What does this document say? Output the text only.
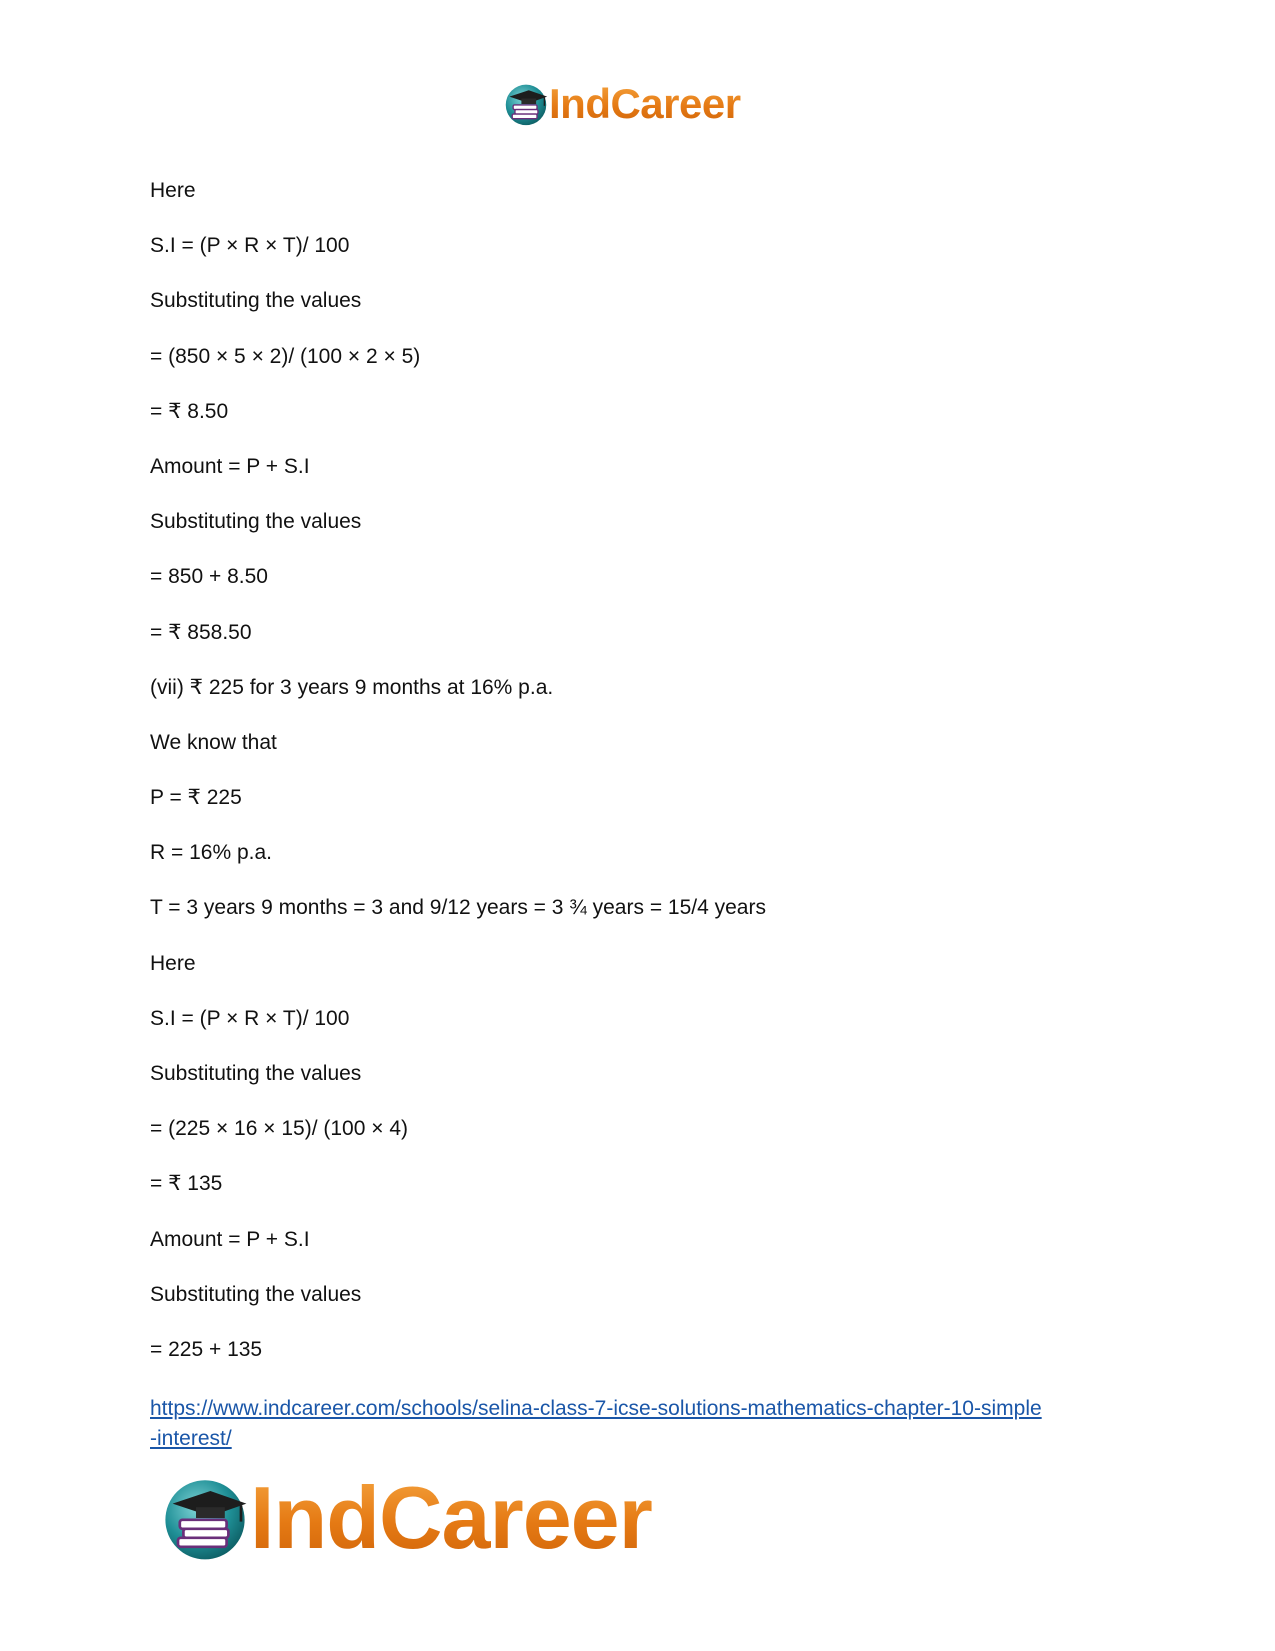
IndCareer
Here
S.I = (P × R × T)/ 100
Substituting the values
= (850 × 5 × 2)/ (100 × 2 × 5)
= ₹ 8.50
Amount = P + S.I
Substituting the values
= 850 + 8.50
= ₹ 858.50
(vii) ₹ 225 for 3 years 9 months at 16% p.a.
We know that
P = ₹ 225
R = 16% p.a.
T = 3 years 9 months = 3 and 9/12 years = 3 ¾ years = 15/4 years
Here
S.I = (P × R × T)/ 100
Substituting the values
= (225 × 16 × 15)/ (100 × 4)
= ₹ 135
Amount = P + S.I
Substituting the values
= 225 + 135
https://www.indcareer.com/schools/selina-class-7-icse-solutions-mathematics-chapter-10-simple
-interest/
IndCareer
